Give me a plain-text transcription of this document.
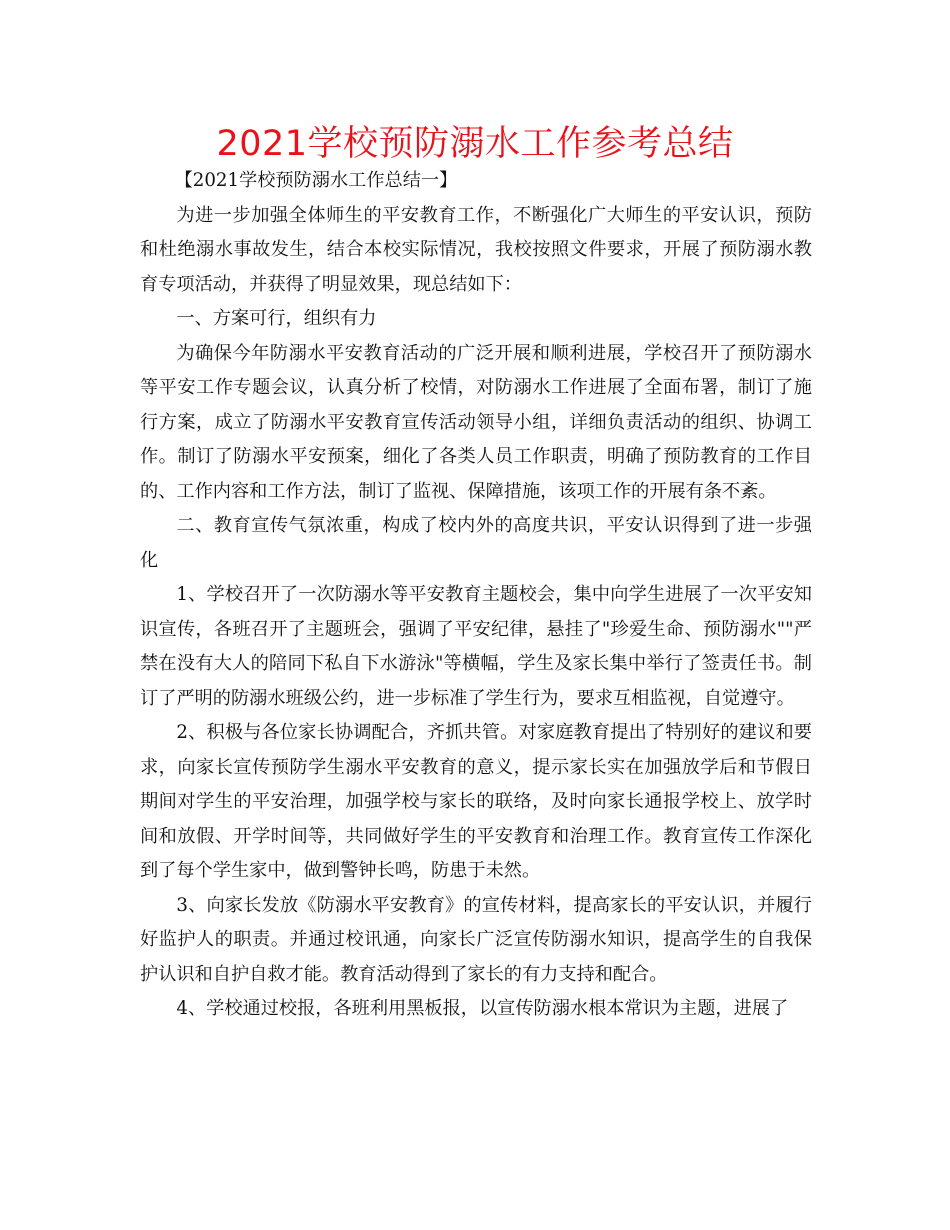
2021学校预防溺水工作参考总结

【2021学校预防溺水工作总结一】

为进一步加强全体师生的平安教育工作，不断强化广大师生的平安认识，预防和杜绝溺水事故发生，结合本校实际情况，我校按照文件要求，开展了预防溺水教育专项活动，并获得了明显效果，现总结如下：

一、方案可行，组织有力

为确保今年防溺水平安教育活动的广泛开展和顺利进展，学校召开了预防溺水等平安工作专题会议，认真分析了校情，对防溺水工作进展了全面布署，制订了施行方案，成立了防溺水平安教育宣传活动领导小组，详细负责活动的组织、协调工作。制订了防溺水平安预案，细化了各类人员工作职责，明确了预防教育的工作目的、工作内容和工作方法，制订了监视、保障措施，该项工作的开展有条不紊。

二、教育宣传气氛浓重，构成了校内外的高度共识，平安认识得到了进一步强化

1、学校召开了一次防溺水等平安教育主题校会，集中向学生进展了一次平安知识宣传，各班召开了主题班会，强调了平安纪律，悬挂了"珍爱生命、预防溺水""严禁在没有大人的陪同下私自下水游泳"等横幅，学生及家长集中举行了签责任书。制订了严明的防溺水班级公约，进一步标准了学生行为，要求互相监视，自觉遵守。

2、积极与各位家长协调配合，齐抓共管。对家庭教育提出了特别好的建议和要求，向家长宣传预防学生溺水平安教育的意义，提示家长实在加强放学后和节假日期间对学生的平安治理，加强学校与家长的联络，及时向家长通报学校上、放学时间和放假、开学时间等，共同做好学生的平安教育和治理工作。教育宣传工作深化到了每个学生家中，做到警钟长鸣，防患于未然。

3、向家长发放《防溺水平安教育》的宣传材料，提高家长的平安认识，并履行好监护人的职责。并通过校讯通，向家长广泛宣传防溺水知识，提高学生的自我保护认识和自护自救才能。教育活动得到了家长的有力支持和配合。

4、学校通过校报，各班利用黑板报，以宣传防溺水根本常识为主题，进展了
